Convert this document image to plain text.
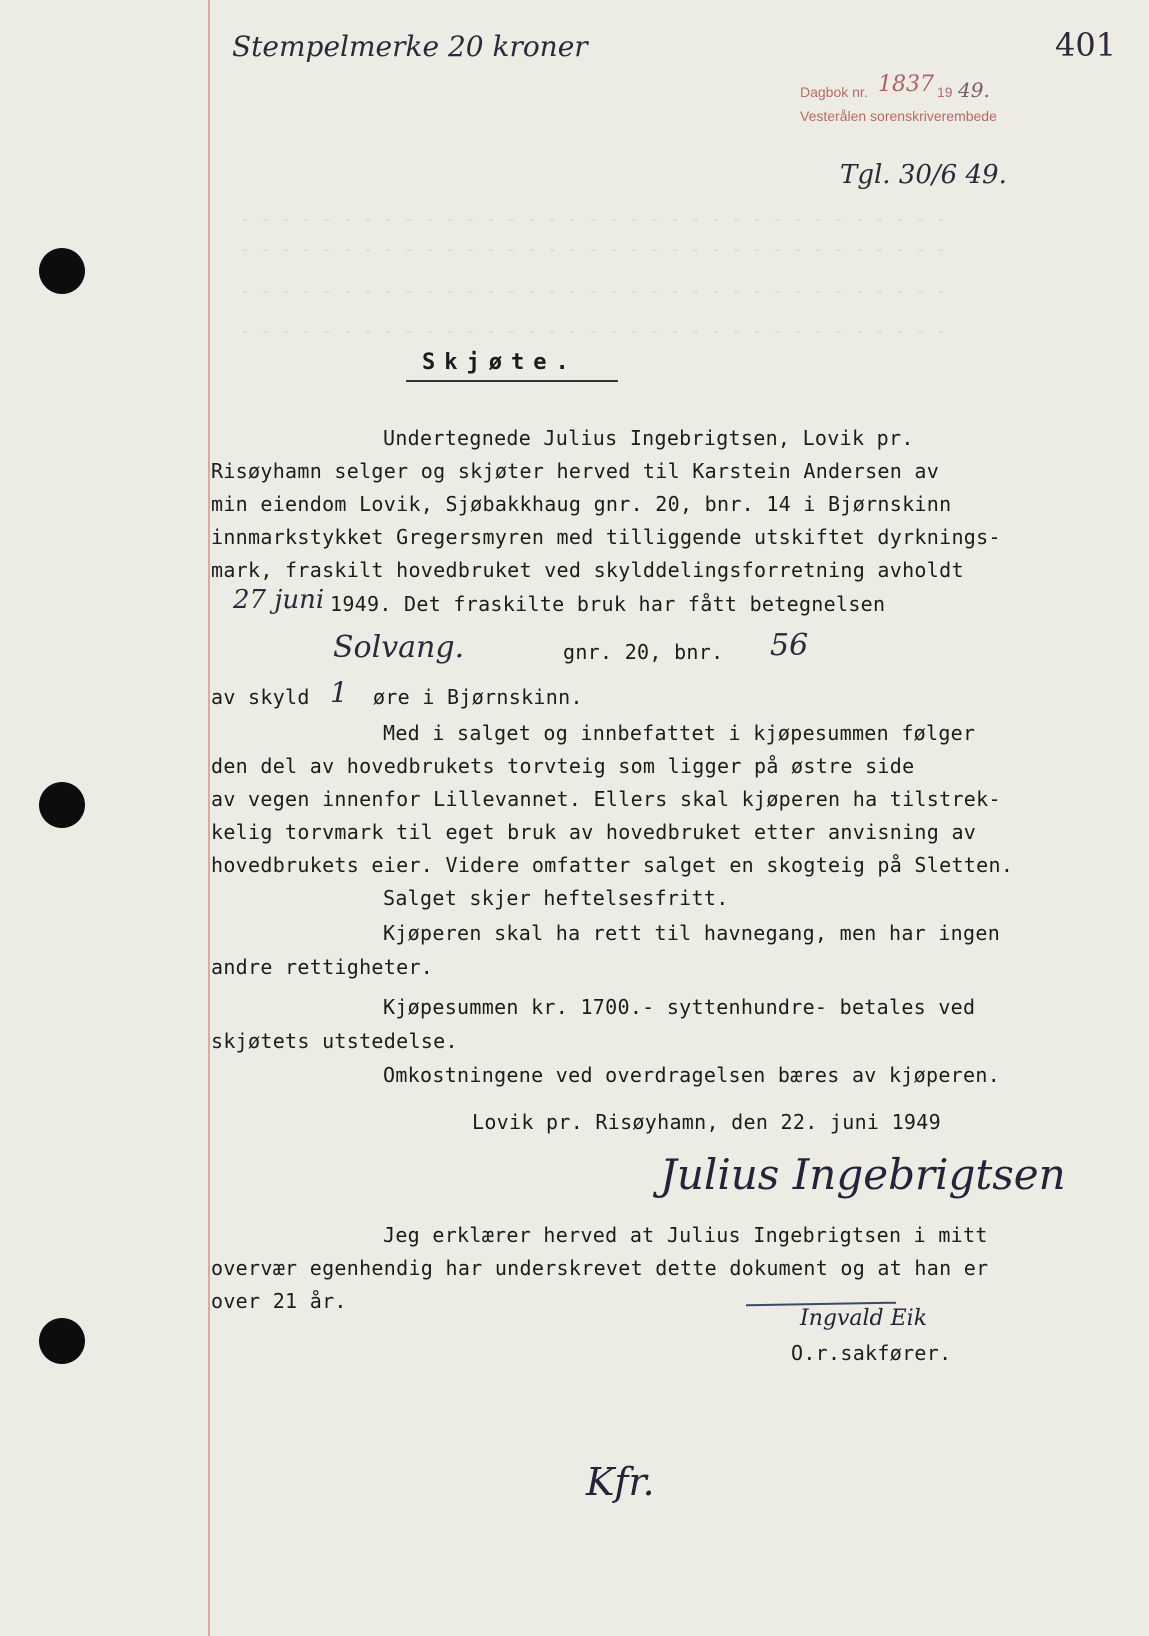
Stempelmerke 20 kroner	401
Dagbok nr. 1837 19 49.
Vesterålen sorenskriverembede
Tgl. 30/6 49.
- - - - - - - - - - - - - - - - - - - - - - - - - - - - - - - - - - -
- - - - - - - - - - - - - - - - - - - - - - - - - - - - - - - - - - -
- - - - - - - - - - - - - - - - - - - - - - - - - - - - - - - - - - -
- - - - - - - - - - - - - - - - - - - - - - - - - - - - - - - - - - -
Skjøte.
Undertegnede Julius Ingebrigtsen, Lovik pr.
Risøyhamn selger og skjøter herved til Karstein Andersen av
min eiendom Lovik, Sjøbakkhaug gnr. 20, bnr. 14 i Bjørnskinn
innmarkstykket Gregersmyren med tilliggende utskiftet dyrknings-
mark, fraskilt hovedbruket ved skylddelingsforretning avholdt
27 juni 1949. Det fraskilte bruk har fått betegnelsen
Solvang.	gnr. 20, bnr. 56
av skyld 1 øre i Bjørnskinn.
Med i salget og innbefattet i kjøpesummen følger
den del av hovedbrukets torvteig som ligger på østre side
av vegen innenfor Lillevannet. Ellers skal kjøperen ha tilstrek-
kelig torvmark til eget bruk av hovedbruket etter anvisning av
hovedbrukets eier. Videre omfatter salget en skogteig på Sletten.
Salget skjer heftelsesfritt.
Kjøperen skal ha rett til havnegang, men har ingen
andre rettigheter.
Kjøpesummen kr. 1700.- syttenhundre- betales ved
skjøtets utstedelse.
Omkostningene ved overdragelsen bæres av kjøperen.
Lovik pr. Risøyhamn, den 22. juni 1949
Julius Ingebrigtsen
Jeg erklærer herved at Julius Ingebrigtsen i mitt
overvær egenhendig har underskrevet dette dokument og at han er
over 21 år.
Ingvald Eik
O.r.sakfører.
Kfr.
